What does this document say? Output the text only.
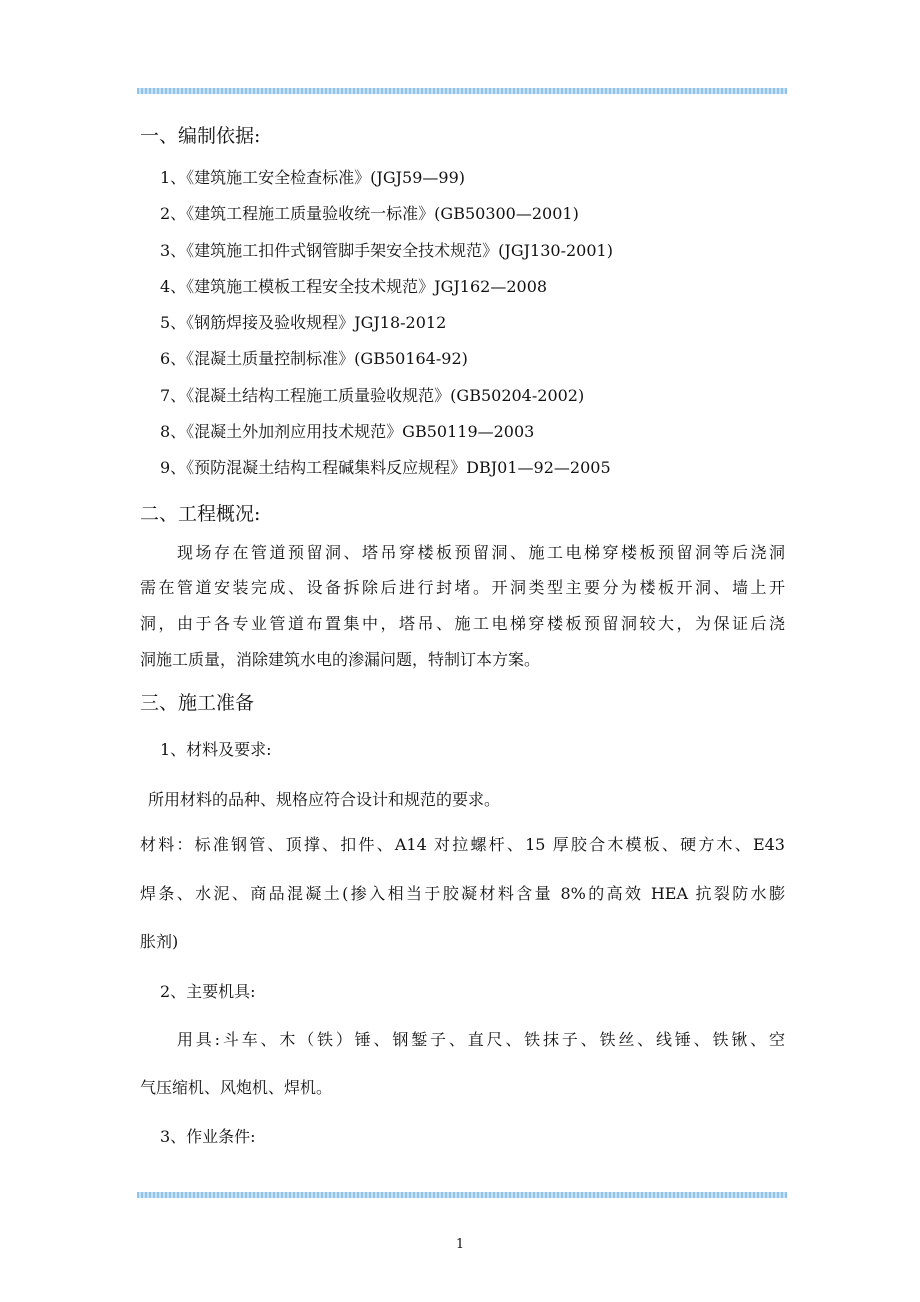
一、编制依据:
1、《建筑施工安全检查标准》(JGJ59—99)
2、《建筑工程施工质量验收统一标准》(GB50300—2001)
3、《建筑施工扣件式钢管脚手架安全技术规范》(JGJ130-2001)
4、《建筑施工模板工程安全技术规范》JGJ162—2008
5、《钢筋焊接及验收规程》JGJ18-2012
6、《混凝土质量控制标准》(GB50164-92)
7、《混凝土结构工程施工质量验收规范》(GB50204-2002)
8、《混凝土外加剂应用技术规范》GB50119—2003
9、《预防混凝土结构工程碱集料反应规程》DBJ01—92—2005
二、工程概况:
现场存在管道预留洞、塔吊穿楼板预留洞、施工电梯穿楼板预留洞等后浇洞
需在管道安装完成、设备拆除后进行封堵。开洞类型主要分为楼板开洞、墙上开
洞，由于各专业管道布置集中，塔吊、施工电梯穿楼板预留洞较大，为保证后浇
洞施工质量，消除建筑水电的渗漏问题，特制订本方案。
三、施工准备
1、材料及要求:
所用材料的品种、规格应符合设计和规范的要求。
材料：标准钢管、顶撑、扣件、A14 对拉螺杆、15 厚胶合木模板、硬方木、E43
焊条、水泥、商品混凝土(掺入相当于胶凝材料含量 8%的高效 HEA 抗裂防水膨
胀剂)
2、主要机具:
用具:斗车、木（铁）锤、钢錾子、直尺、铁抹子、铁丝、线锤、铁锹、空
气压缩机、风炮机、焊机。
3、作业条件:
1
